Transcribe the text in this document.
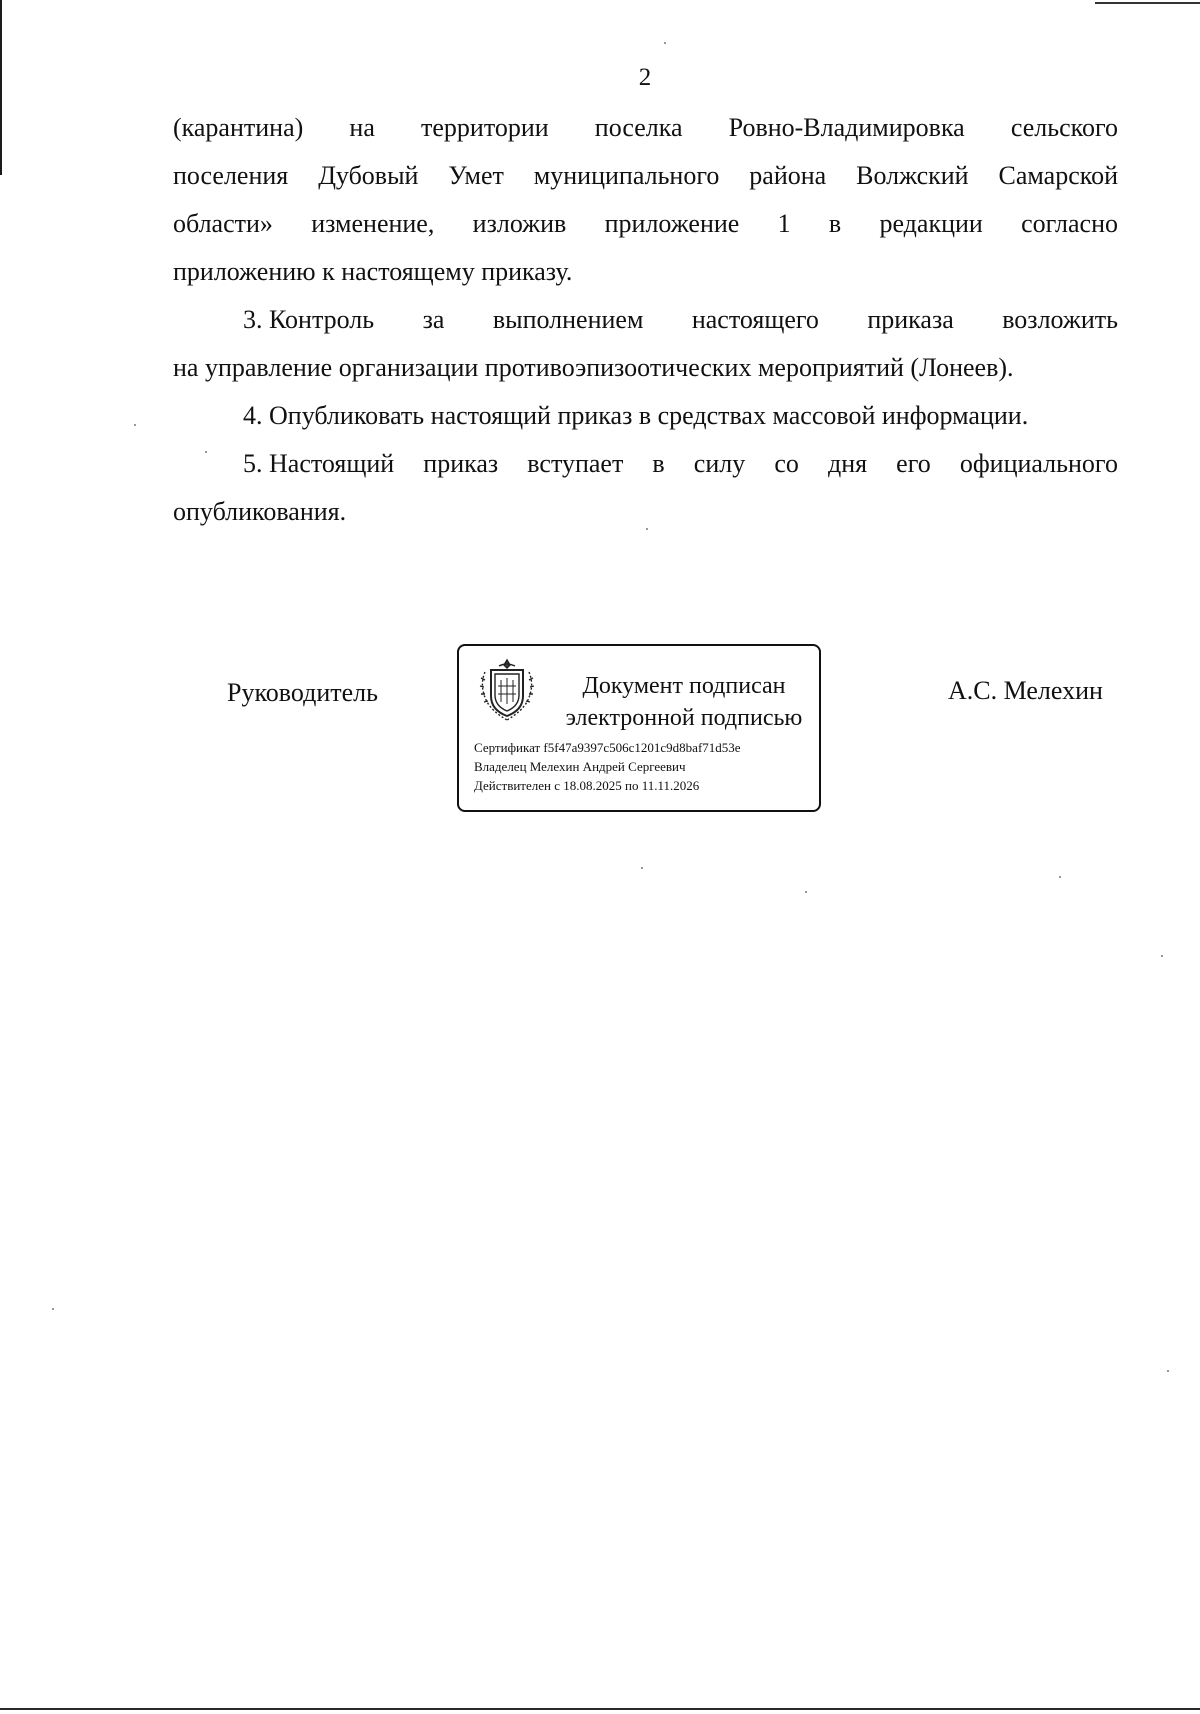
2
(карантина) на территории поселка Ровно-Владимировка сельского
поселения Дубовый Умет муниципального района Волжский Самарской
области» изменение, изложив приложение 1 в редакции согласно
приложению к настоящему приказу.
3. Контроль за выполнением настоящего приказа возложить
на управление организации противоэпизоотических мероприятий (Лонеев).
4. Опубликовать настоящий приказ в средствах массовой информации.
5. Настоящий приказ вступает в силу со дня его официального
опубликования.
Руководитель	Документ подписан
электронной подписью
Сертификат f5f47a9397c506c1201c9d8baf71d53e
Владелец Мелехин Андрей Сергеевич
Действителен с 18.08.2025 по 11.11.2026
А.С. Мелехин
